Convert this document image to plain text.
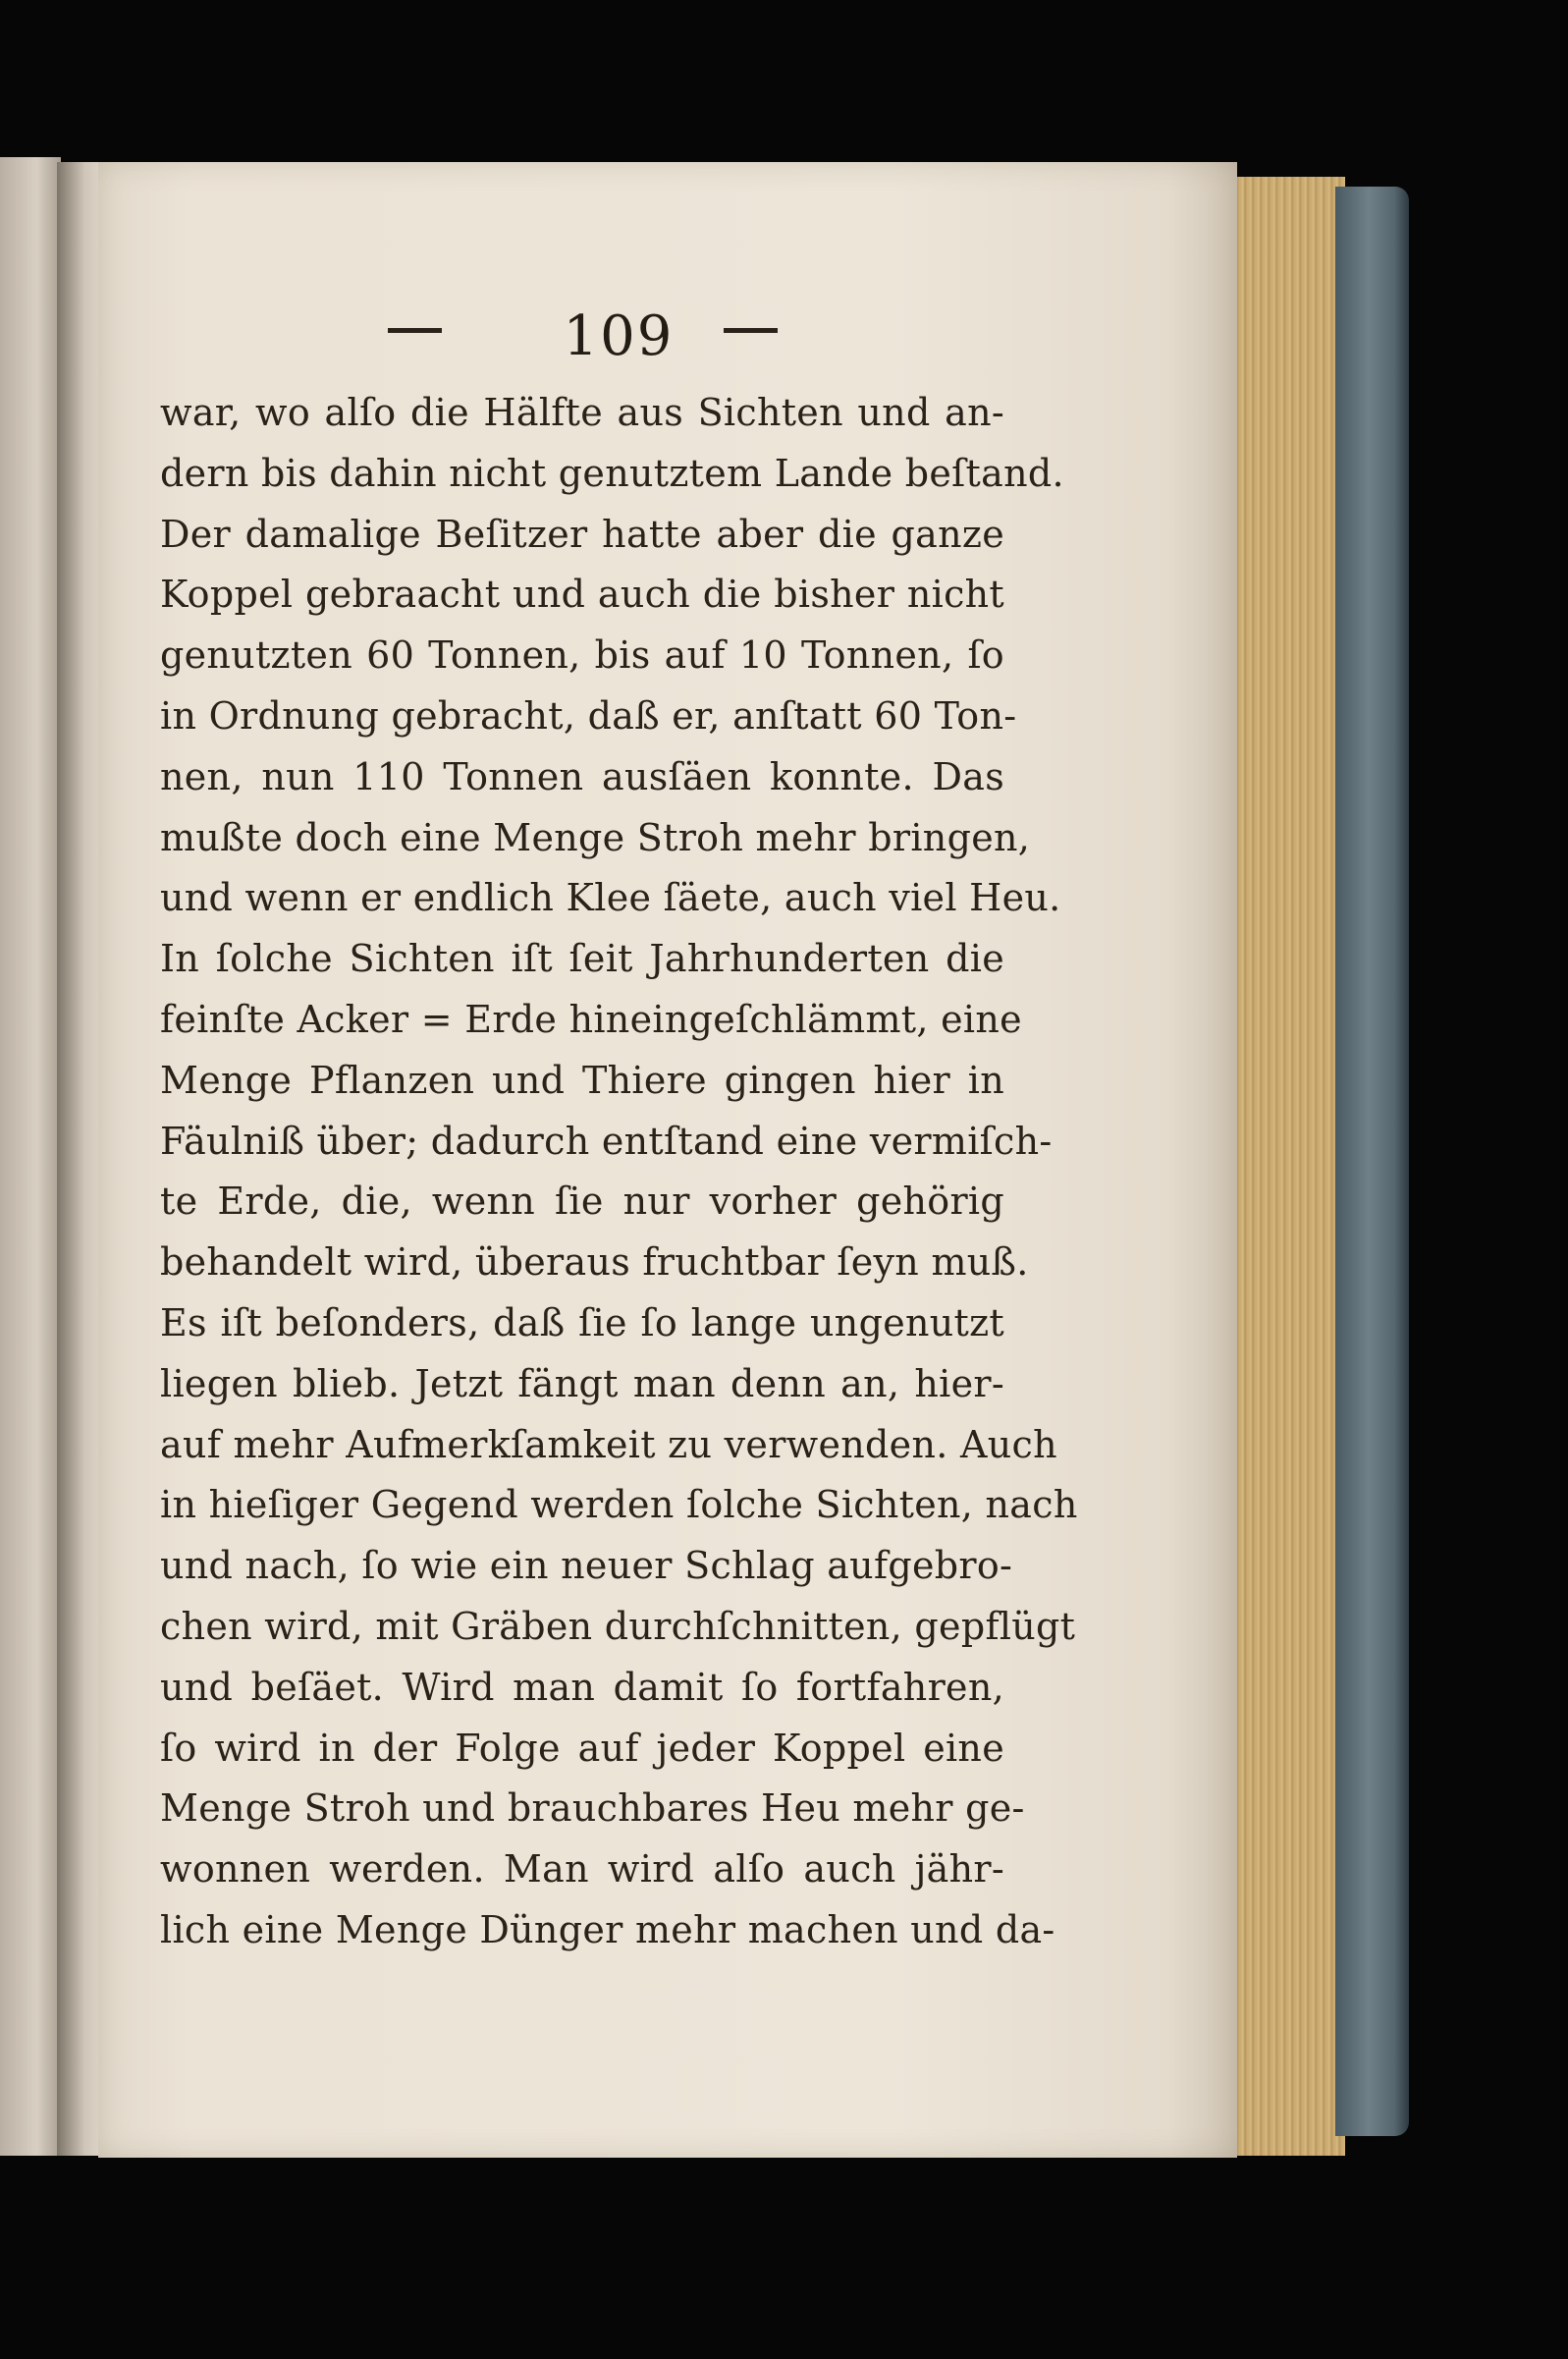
109
war, wo alſo die Hälfte aus Sichten und an-
dern bis dahin nicht genutztem Lande beſtand.
Der damalige Beſitzer hatte aber die ganze
Koppel gebraacht und auch die bisher nicht
genutzten 60 Tonnen, bis auf 10 Tonnen, ſo
in Ordnung gebracht, daß er, anſtatt 60 Ton-
nen, nun 110 Tonnen ausſäen konnte. Das
mußte doch eine Menge Stroh mehr bringen,
und wenn er endlich Klee ſäete, auch viel Heu.
In ſolche Sichten iſt ſeit Jahrhunderten die
feinſte Acker = Erde hineingeſchlämmt, eine
Menge Pflanzen und Thiere gingen hier in
Fäulniß über; dadurch entſtand eine vermiſch-
te Erde, die, wenn ſie nur vorher gehörig
behandelt wird, überaus fruchtbar ſeyn muß.
Es iſt beſonders, daß ſie ſo lange ungenutzt
liegen blieb. Jetzt fängt man denn an, hier-
auf mehr Aufmerkſamkeit zu verwenden. Auch
in hieſiger Gegend werden ſolche Sichten, nach
und nach, ſo wie ein neuer Schlag aufgebro-
chen wird, mit Gräben durchſchnitten, gepflügt
und beſäet. Wird man damit ſo fortfahren,
ſo wird in der Folge auf jeder Koppel eine
Menge Stroh und brauchbares Heu mehr ge-
wonnen werden. Man wird alſo auch jähr-
lich eine Menge Dünger mehr machen und da-
